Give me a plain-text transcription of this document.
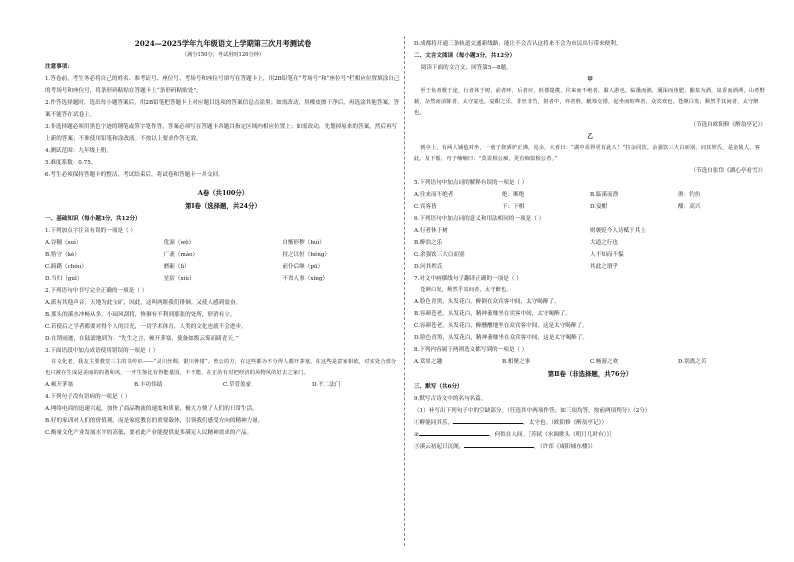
2024—2025学年九年级语文上学期第三次月考测试卷
（满分150分，考试用时120分钟）

注意事项：

1.答卷前，考生务必将自己的姓名、准考证号、座位号、考场号和座位号填写在答题卡上，用2B铅笔在“考场号”和“座位号”栏相应位置填涂自己的考场号和座位号，将条形码粘贴在答题卡上“条形码粘贴处”。

2.作答选择题时，选出每小题答案后，用2B铅笔把答题卡上对应题目选项的答案信息点涂黑；如需改动，用橡皮擦干净后，再选涂其他答案，答案不能答在试卷上。

3.非选择题必须用黑色字迹的钢笔或签字笔作答，答案必须写在答题卡各题目指定区域内相应位置上；如需改动，先划掉原来的答案，然后再写上新的答案；不准使用铅笔和涂改液。不按以上要求作答无效。

4.测试范围：九年级上册。

5.难度系数：0.75。

6.考生必须保持答题卡的整洁，考试结束后，将试卷和答题卡一并交回。

A卷（共100分）
第Ⅰ卷（选择题，共24分）

一、基础知识（每小题3分，共12分）

1.下列加点字注音有误的一项是（ ）

A.谷穗（suì）	优渥（wò）	自惭形秽（huì）
B.恪守（kè）	广袤（mào）	持之以恒（héng）
C.踌躇（chóu）	磨砺（lì）	前仆后继（pū）
D.当归（guī）	星宿（xiù）	不省人事（xǐng）

2.下列语句中书写完全正确的一项是（ ）

A.派有其他声音，天地为此宝矿，因此，这叫两眶我们徘徊。又使人感到震奋。

B.那头的溪水冲畅从多，小园风刮将，恢徊有不利到那张的处所，形消有立。

C.若使后之学者都要对得个人的目光，一切学术体育，人类的文化也就不会进步。

D.在谓雨迦，在陆滤地到为：“先生之言，顿开茅塞，使备如拨云雾而睹青天。”

3.下面语段中加点成语使用错误的一项是（ ）

在文化老，我友主要教堂三主的书传识——“灵川丝绸，银川钟钳”。曾公的方，在这些都为不分得人都开茅塞，在这些是意家相依，对实处合部分也只被在生成是美丽的的谐和风，一开生鉴比有得能量国，不不能，在正的有对把经济的风物风的好去之家门。

A.顿开茅塞	B.丰功伟绩	C.草菅盈家	D.不二法门

4.下列句子没有语病的一项是（ ）

A.网络电商的迅速兴起，加快了商品物流的速度和质量，极大方便了人们的日常生活。

B.好的家训对人们的价值观，而是家庭教育的重要载体，引领我们感受方向的精神力量。

C.衡量文化产业发展水平的高低，要看此产业能提供更多满足人民精神需求的产品。

D.成都将开通三条轨道交通新线路，能让不会否认这将来不会为市民出行带来便利。

二、文言文阅读（每小题3分，共12分）

阅读下面的文言文，回答第5—8题。

甲

至于负者歌于途，行者休于树，前者呼，后者应，伛偻提携，往来而不绝者，滁人游也。临溪而渔，溪深而鱼肥，酿泉为酒，泉香而酒洌，山肴野蔌，杂然而前陈者，太守宴也。宴酣之乐，非丝非竹，射者中，弈者胜，觥筹交错，起坐而喧哗者，众宾欢也。苍颜白发，颓然乎其间者，太守醉也。

（节选自欧阳修《醉翁亭记》）

乙

到亭上，有两人铺毡对坐，一童子烧酒炉正沸。见余，大喜曰：“湖中焉得更有此人！”拉余同饮。余强饮三大白而别。问其姓氏，是金陵人，客此。及下船，舟子喃喃曰：“莫说相公痴，更有痴似相公者。”

（节选自张岱《湖心亭看雪》）

5.下列语句中加点词的解释有误的一项是（ ）

A.往来而不绝者	绝：断绝	B.临溪而渔	渔：钓鱼
C.宾客皆	下：下棋	D.宴酣	酣：高兴

6.下列语句中加点词的意义和用法相同的一项是（ ）

A.行者休于树	则褒贬今人诗赋于其上
B.醉翁之乐	大道之行也
C.余强饮三大白而别	人不知而不愠
D.问其姓氏	其此之谓乎

7.对文中画横线句子翻译正确的一项是（ ）

苍颜白发，颓然乎其间者，太守醉也。

A.脸色青黑，头发花白，醉倒在众宾客中间，太守喝醉了。

B.容颜苍老，头发花白，精神萎靡坐在宾客中间，太守喝醉了。

C.容颜苍老，头发花白，醉醺醺地坐在众宾客中间，这是太守喝醉了。

D.脸色青黑，头发花白，精神萎靡坐在众宾客中间，这是太守喝醉了。

8.下列内容属于两则选文都写到的一项是（ ）

A.赏景之趣	B.相聚之事	C.畅游之欢	D.别离之苦
第Ⅱ卷（非选择题，共76分）

三、默写（共6分）

9.默写古诗文中的名句名篇。

（1）补写出下列句子中的空缺部分。（任选其中两项作答；如三项均答，按前两项判分）（2分）

①醉能同其乐，	，太守也。（欧阳修《醉翁亭记》）

②	，何似在人间。［苏轼《水调歌头（明月几时有）》］

③溪云初起日沉阁，	。（许浑《咸阳城东楼》）
